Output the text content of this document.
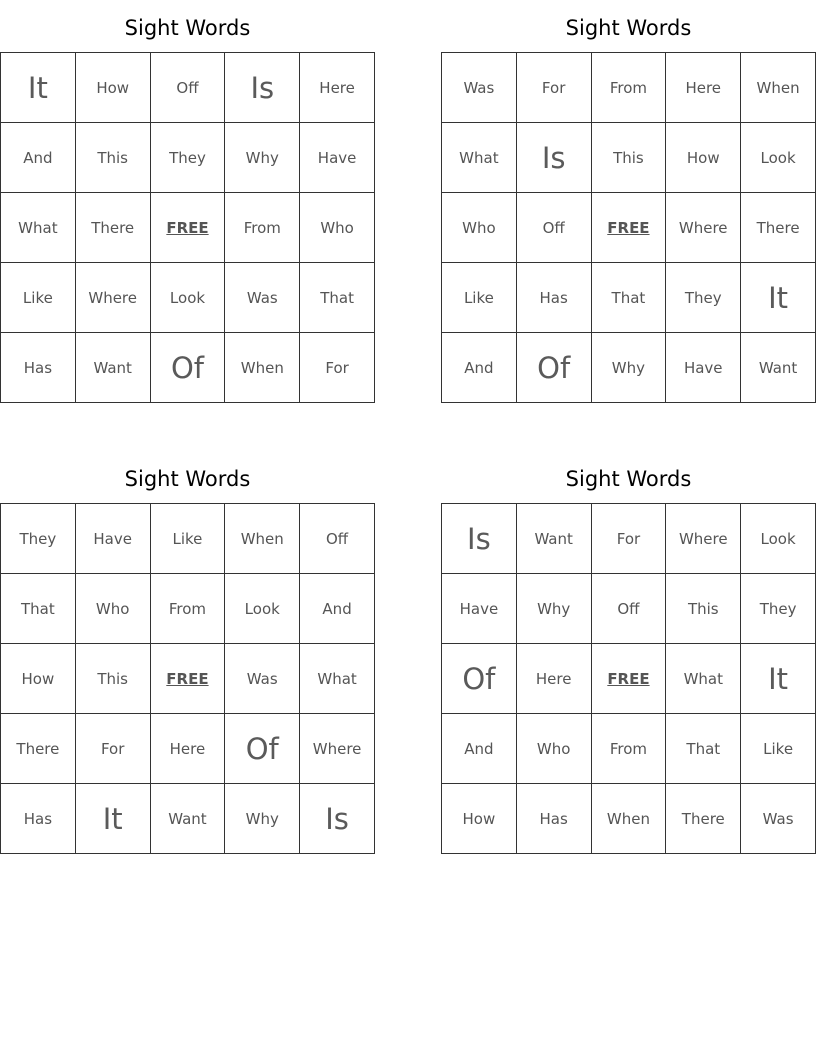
Sight Words
It	How	Off	Is	Here
And	This	They	Why	Have
What	There	FREE	From	Who
Like	Where	Look	Was	That
Has	Want	Of	When	For
Sight Words
Was	For	From	Here	When
What	Is	This	How	Look
Who	Off	FREE	Where	There
Like	Has	That	They	It
And	Of	Why	Have	Want
Sight Words
They	Have	Like	When	Off
That	Who	From	Look	And
How	This	FREE	Was	What
There	For	Here	Of	Where
Has	It	Want	Why	Is
Sight Words
Is	Want	For	Where	Look
Have	Why	Off	This	They
Of	Here	FREE	What	It
And	Who	From	That	Like
How	Has	When	There	Was
